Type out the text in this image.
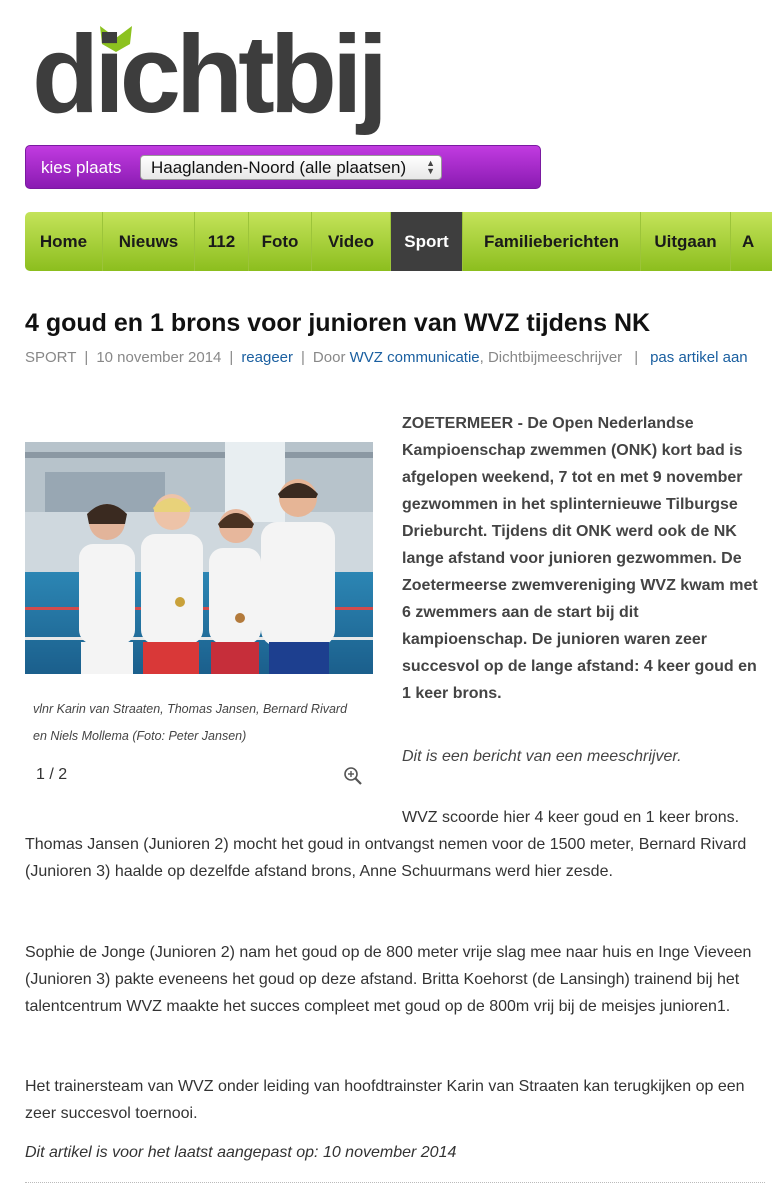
dichtbij
kies plaats	Haaglanden-Noord (alle plaatsen) ▲
▼
Home	Nieuws	112	Foto	Video	Sport	Familieberichten	Uitgaan	A
4 goud en 1 brons voor junioren van WVZ tijdens NK
SPORT | 10 november 2014 | reageer | Door WVZ communicatie, Dichtbijmeeschrijver | pas artikel aan
vlnr Karin van Straaten, Thomas Jansen, Bernard Rivard en Niels Mollema (Foto: Peter Jansen)
1 / 2
ZOETERMEER - De Open Nederlandse Kampioenschap zwemmen (ONK) kort bad is afgelopen weekend, 7 tot en met 9 november gezwommen in het splinternieuwe Tilburgse Drieburcht. Tijdens dit ONK werd ook de NK lange afstand voor junioren gezwommen. De Zoetermeerse zwemvereniging WVZ kwam met 6 zwemmers aan de start bij dit kampioenschap. De junioren waren zeer succesvol op de lange afstand: 4 keer goud en 1 keer brons.
Dit is een bericht van een meeschrijver.
WVZ scoorde hier 4 keer goud en 1 keer brons. Thomas Jansen (Junioren 2) mocht het goud in ontvangst nemen voor de 1500 meter, Bernard Rivard (Junioren 3) haalde op dezelfde afstand brons, Anne Schuurmans werd hier zesde.
Sophie de Jonge (Junioren 2) nam het goud op de 800 meter vrije slag mee naar huis en Inge Vieveen (Junioren 3) pakte eveneens het goud op deze afstand. Britta Koehorst (de Lansingh) trainend bij het talentcentrum WVZ maakte het succes compleet met goud op de 800m vrij bij de meisjes junioren1.
Het trainersteam van WVZ onder leiding van hoofdtrainster Karin van Straaten kan terugkijken op een zeer succesvol toernooi.
Dit artikel is voor het laatst aangepast op: 10 november 2014
